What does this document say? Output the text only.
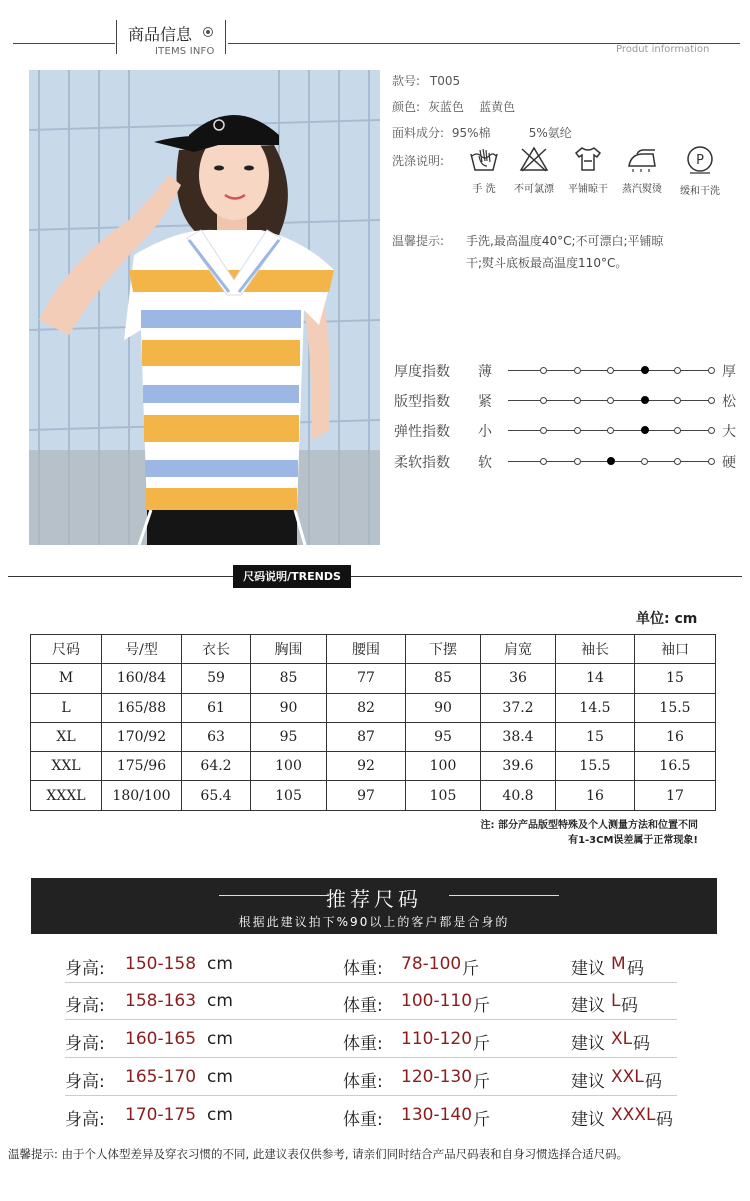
商品信息
ITEMS INFO	Produt information
款号: T005
颜色: 灰蓝色    蓝黄色
面料成分: 95%棉          5%氨纶
洗涤说明:
手 洗	不可氯漂	平铺晾干	蒸汽熨烫
P
缓和干洗
温馨提示: 手洗,最高温度40°C;不可漂白;平铺晾
干;熨斗底板最高温度110°C。
厚度指数 薄	厚
版型指数 紧	松
弹性指数 小	大
柔软指数 软	硬
尺码说明/TRENDS
单位: cm
尺码	号/型	衣长	胸围	腰围	下摆	肩宽	袖长	袖口
M	160/84	59	85	77	85	36	14	15
L	165/88	61	90	82	90	37.2	14.5	15.5
XL	170/92	63	95	87	95	38.4	15	16
XXL	175/96	64.2	100	92	100	39.6	15.5	16.5
XXXL	180/100	65.4	105	97	105	40.8	16	17
注: 部分产品版型特殊及个人测量方法和位置不同
有1-3CM误差属于正常现象!
推荐尺码
根据此建议拍下%90以上的客户都是合身的
身高: 150-158 cm	体重: 78-100 斤	建议 M 码
身高: 158-163 cm	体重: 100-110 斤	建议 L 码
身高: 160-165 cm	体重: 110-120 斤	建议 XL 码
身高: 165-170 cm	体重: 120-130 斤	建议 XXL 码
身高: 170-175 cm	体重: 130-140 斤	建议 XXXL 码
温馨提示: 由于个人体型差异及穿衣习惯的不同, 此建议表仅供参考, 请亲们同时结合产品尺码表和自身习惯选择合适尺码。
